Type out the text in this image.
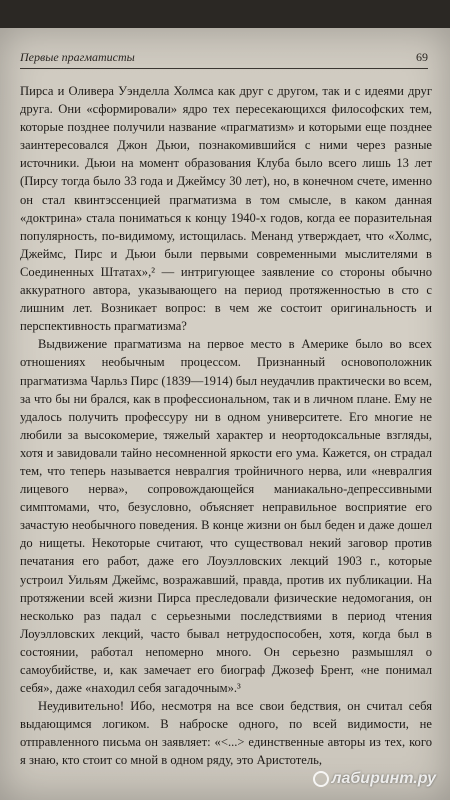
Первые прагматисты	69

Пирса и Оливера Уэнделла Холмса как друг с другом, так и с идеями друг друга. Они «сформировали» ядро тех пересекающихся философских тем, которые позднее получили название «прагматизм» и которыми еще позднее заинтересовался Джон Дьюи, познакомившийся с ними через разные источники. Дьюи на момент образования Клуба было всего лишь 13 лет (Пирсу тогда было 33 года и Джеймсу 30 лет), но, в конечном счете, именно он стал квинтэссенцией прагматизма в том смысле, в каком данная «доктрина» стала пониматься к концу 1940-х годов, когда ее поразительная популярность, по-видимому, истощилась. Менанд утверждает, что «Холмс, Джеймс, Пирс и Дьюи были первыми современными мыслителями в Соединенных Штатах»,² — интригующее заявление со стороны обычно аккуратного автора, указывающего на период протяженностью в сто с лишним лет. Возникает вопрос: в чем же состоит оригинальность и перспективность прагматизма?

Выдвижение прагматизма на первое место в Америке было во всех отношениях необычным процессом. Признанный основоположник прагматизма Чарльз Пирс (1839—1914) был неудачлив практически во всем, за что бы ни брался, как в профессиональном, так и в личном плане. Ему не удалось получить профессуру ни в одном университете. Его многие не любили за высокомерие, тяжелый характер и неортодоксальные взгляды, хотя и завидовали тайно несомненной яркости его ума. Кажется, он страдал тем, что теперь называется невралгия тройничного нерва, или «невралгия лицевого нерва», сопровождающейся маниакально-депрессивными симптомами, что, безусловно, объясняет неправильное восприятие его зачастую необычного поведения. В конце жизни он был беден и даже дошел до нищеты. Некоторые считают, что существовал некий заговор против печатания его работ, даже его Лоуэлловских лекций 1903 г., которые устроил Уильям Джеймс, возражавший, правда, против их публикации. На протяжении всей жизни Пирса преследовали физические недомогания, он несколько раз падал с серьезными последствиями в период чтения Лоуэлловских лекций, часто бывал нетрудоспособен, хотя, когда был в состоянии, работал непомерно много. Он серьезно размышлял о самоубийстве, и, как замечает его биограф Джозеф Брент, «не понимал себя», даже «находил себя загадочным».³

Неудивительно! Ибо, несмотря на все свои бедствия, он считал себя выдающимся логиком. В наброске одного, по всей видимости, не отправленного письма он заявляет: «<...> единственные авторы из тех, кого я знаю, кто стоит со мной в одном ряду, это Аристотель,

лабиринт.ру
